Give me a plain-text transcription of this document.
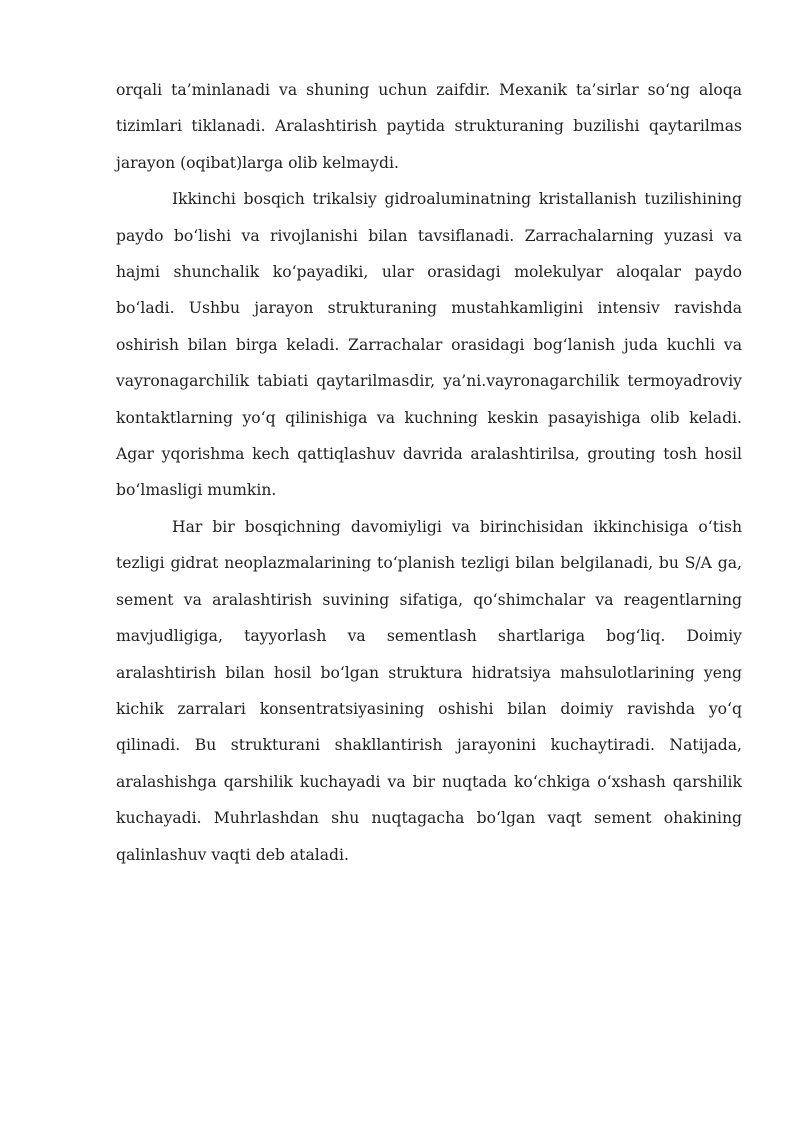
orqali ta’minlanadi va shuning uchun zaifdir. Mexanik ta’sirlar so‘ng aloqa tizimlari tiklanadi. Aralashtirish paytida strukturaning buzilishi qaytarilmas jarayon (oqibat)larga olib kelmaydi.

Ikkinchi bosqich trikalsiy gidroaluminatning kristallanish tuzilishining paydo bo‘lishi va rivojlanishi bilan tavsiflanadi. Zarrachalarning yuzasi va hajmi shunchalik ko‘payadiki, ular orasidagi molekulyar aloqalar paydo bo‘ladi. Ushbu jarayon strukturaning mustahkamligini intensiv ravishda oshirish bilan birga keladi. Zarrachalar orasidagi bog‘lanish juda kuchli va vayronagarchilik tabiati qaytarilmasdir, ya’ni.vayronagarchilik termoyadroviy kontaktlarning yo‘q qilinishiga va kuchning keskin pasayishiga olib keladi. Agar yqorishma kech qattiqlashuv davrida aralashtirilsa, grouting tosh hosil bo‘lmasligi mumkin.

Har bir bosqichning davomiyligi va birinchisidan ikkinchisiga o‘tish tezligi gidrat neoplazmalarining to‘planish tezligi bilan belgilanadi, bu S/A ga, sement va aralashtirish suvining sifatiga, qo‘shimchalar va reagentlarning mavjudligiga, tayyorlash va sementlash shartlariga bog‘liq. Doimiy aralashtirish bilan hosil bo‘lgan struktura hidratsiya mahsulotlarining yeng kichik zarralari konsentratsiyasining oshishi bilan doimiy ravishda yo‘q qilinadi. Bu strukturani shakllantirish jarayonini kuchaytiradi. Natijada, aralashishga qarshilik kuchayadi va bir nuqtada ko‘chkiga o‘xshash qarshilik kuchayadi. Muhrlashdan shu nuqtagacha bo‘lgan vaqt sement ohakining qalinlashuv vaqti deb ataladi.
